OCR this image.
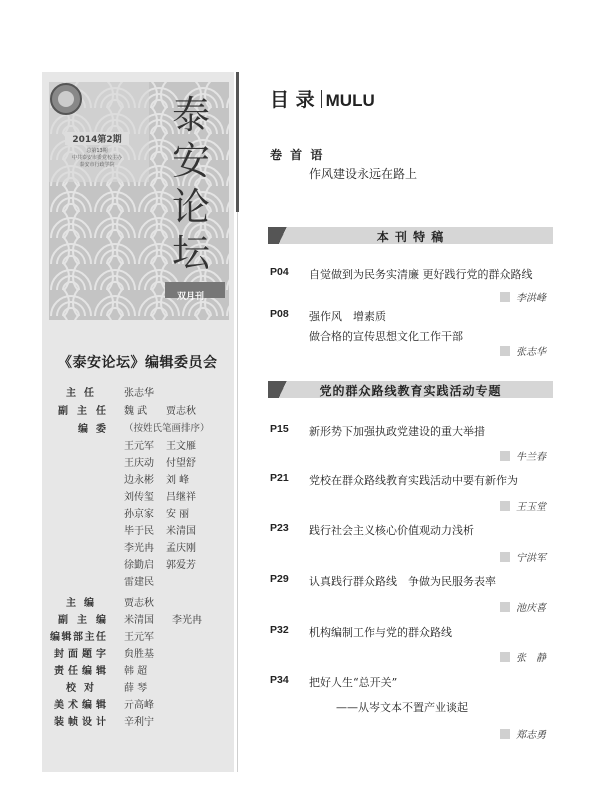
2014第2期
总第13期
中共泰安市委党校主办
泰安市行政学院
泰
安
论
坛
双月刊
《泰安论坛》编辑委员会
主 任	张志华
副主任 魏 武 贾志秋
编 委 （按姓氏笔画排序）
王元军 王文雁
王庆动 付望舒
边永彬 刘 峰
刘传玺 吕继祥
孙京家 安 丽
毕于民 米清国
李光冉 孟庆刚
徐勤启 郭爱芳
雷建民
主 编	贾志秋
副主编 米清国 李光冉
编辑部主任 王元军
封面题字 贠胜基
责任编辑 韩 超
校 对	薛 琴
美术编辑 亓高峰
装帧设计 辛利宁
目 录 MULU
卷 首 语
作风建设永远在路上
本 刊 特 稿
P04 自觉做到为民务实清廉 更好践行党的群众路线
李洪峰
P08 强作风　增素质
做合格的宣传思想文化工作干部
张志华
党的群众路线教育实践活动专题
P15 新形势下加强执政党建设的重大举措
牛兰春
P21 党校在群众路线教育实践活动中要有新作为
王玉堂
P23 践行社会主义核心价值观动力浅析
宁洪军
P29 认真践行群众路线　争做为民服务表率
池庆喜
P32 机构编制工作与党的群众路线
张　静
P34 把好人生“总开关”
——从岑文本不置产业谈起
郑志勇
